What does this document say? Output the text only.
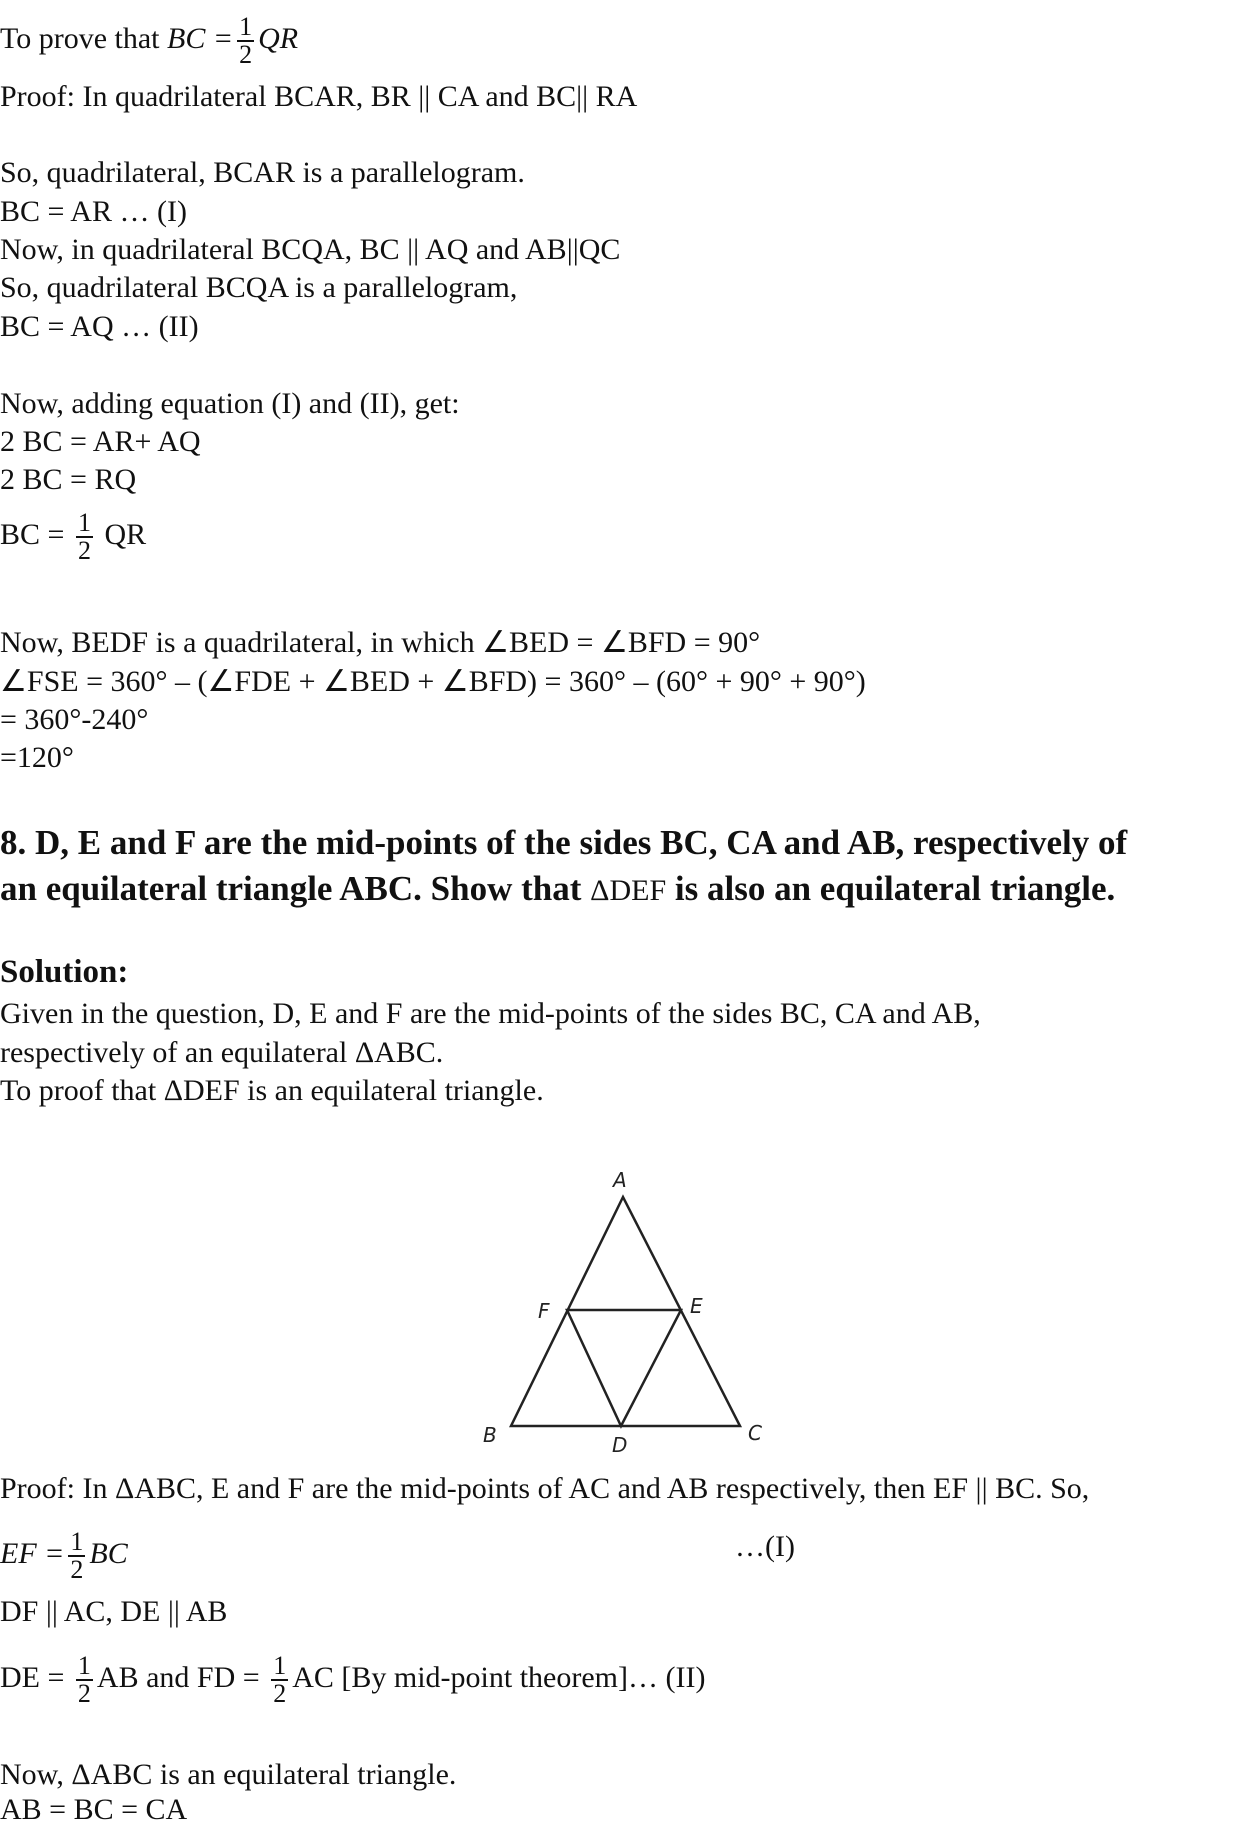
To prove that BC = $\frac{1}{2}$ QR
Proof: In quadrilateral BCAR, BR || CA and BC|| RA
So, quadrilateral, BCAR is a parallelogram.
BC = AR … (I)
Now, in quadrilateral BCQA, BC || AQ and AB||QC
So, quadrilateral BCQA is a parallelogram,
BC = AQ … (II)
Now, adding equation (I) and (II), get:
2 BC = AR+ AQ
2 BC = RQ
BC = $\frac{1}{2}$ QR
Now, BEDF is a quadrilateral, in which ∠BED = ∠BFD = 90°
∠FSE = 360° – (∠FDE + ∠BED + ∠BFD) = 360° – (60° + 90° + 90°)
= 360°-240°
=120°
8. D, E and F are the mid-points of the sides BC, CA and AB, respectively of
an equilateral triangle ABC. Show that ΔDEF is also an equilateral triangle.
Solution:
Given in the question, D, E and F are the mid-points of the sides BC, CA and AB,
respectively of an equilateral ΔABC.
To proof that ΔDEF is an equilateral triangle.
A
F	E
B	D	C
Proof: In ΔABC, E and F are the mid-points of AC and AB respectively, then EF || BC. So,
EF = $\frac{1}{2}$ BC	…(I)
DF || AC, DE || AB
DE = $\frac{1}{2}$ AB and FD = $\frac{1}{2}$ AC [By mid-point theorem]… (II)
Now, ΔABC is an equilateral triangle.
AB = BC = CA
